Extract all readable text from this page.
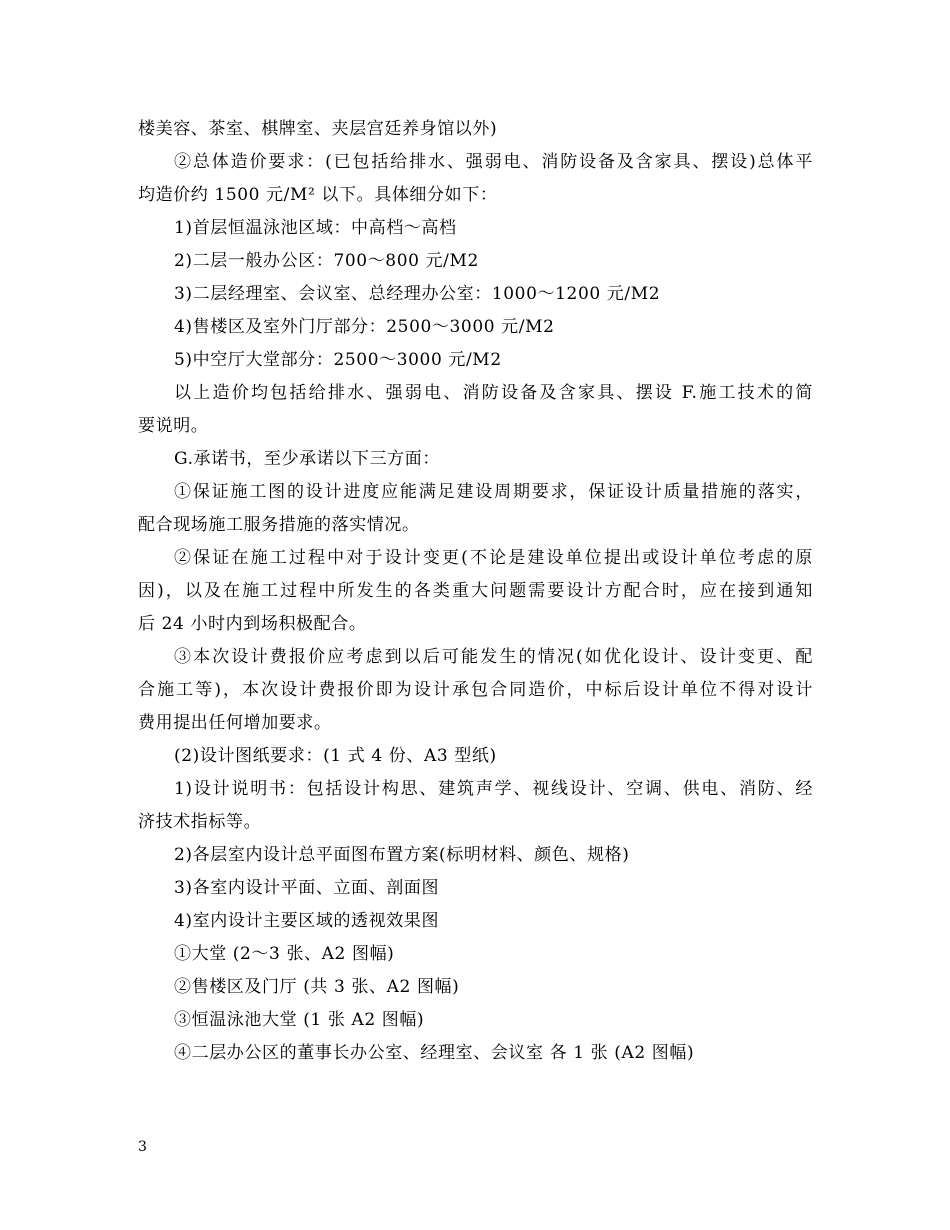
楼美容、茶室、棋牌室、夹层宫廷养身馆以外)
②总体造价要求：(已包括给排水、强弱电、消防设备及含家具、摆设)总体平
均造价约 1500 元/M² 以下。具体细分如下：
1)首层恒温泳池区域：中高档～高档
2)二层一般办公区：700～800 元/M2
3)二层经理室、会议室、总经理办公室：1000～1200 元/M2
4)售楼区及室外门厅部分：2500～3000 元/M2
5)中空厅大堂部分：2500～3000 元/M2
以上造价均包括给排水、强弱电、消防设备及含家具、摆设 F.施工技术的简
要说明。
G.承诺书，至少承诺以下三方面：
①保证施工图的设计进度应能满足建设周期要求，保证设计质量措施的落实，
配合现场施工服务措施的落实情况。
②保证在施工过程中对于设计变更(不论是建设单位提出或设计单位考虑的原
因)，以及在施工过程中所发生的各类重大问题需要设计方配合时，应在接到通知
后 24 小时内到场积极配合。
③本次设计费报价应考虑到以后可能发生的情况(如优化设计、设计变更、配
合施工等)，本次设计费报价即为设计承包合同造价，中标后设计单位不得对设计
费用提出任何增加要求。
(2)设计图纸要求：(1 式 4 份、A3 型纸)
1)设计说明书：包括设计构思、建筑声学、视线设计、空调、供电、消防、经
济技术指标等。
2)各层室内设计总平面图布置方案(标明材料、颜色、规格)
3)各室内设计平面、立面、剖面图
4)室内设计主要区域的透视效果图
①大堂 (2～3 张、A2 图幅)
②售楼区及门厅 (共 3 张、A2 图幅)
③恒温泳池大堂 (1 张 A2 图幅)
④二层办公区的董事长办公室、经理室、会议室 各 1 张 (A2 图幅)
3
